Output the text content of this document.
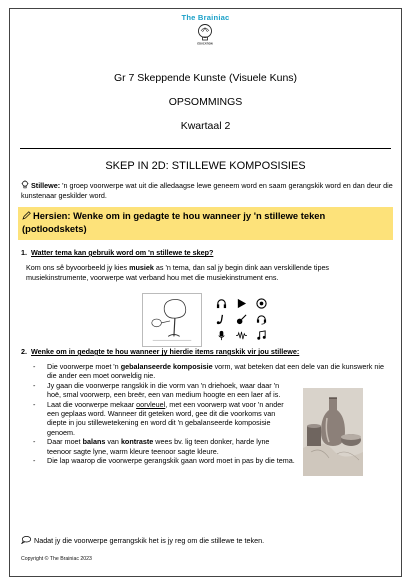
The Brainiac
EDUCATION
Gr 7 Skeppende Kunste (Visuele Kuns)
OPSOMMINGS
Kwartaal 2
SKEP IN 2D: STILLEWE KOMPOSISIES
Stillewe: 'n groep voorwerpe wat uit die alledaagse lewe geneem word en saam gerangskik word en dan deur die kunstenaar geskilder word.
Hersien: Wenke om in gedagte te hou wanneer jy 'n stillewe teken (potloodskets)
1. Watter tema kan gebruik word om 'n stillewe te skep?
Kom ons sê byvoorbeeld jy kies musiek as 'n tema, dan sal jy begin dink aan verskillende tipes musiekinstrumente, voorwerpe wat verband hou met die musiekinstrument ens.
2. Wenke om in gedagte te hou wanneer jy hierdie items rangskik vir jou stillewe:
- Die voorwerpe moet 'n gebalanseerde komposisie vorm, wat beteken dat een dele van die kunswerk nie die ander een moet oorweldig nie.
- Jy gaan die voorwerpe rangskik in die vorm van 'n driehoek, waar daar 'n hoë, smal voorwerp, een breër, een van medium hoogte en een laer af is.
- Laat die voorwerpe mekaar oorvleuel, met een voorwerp wat voor 'n ander een geplaas word. Wanneer dit geteken word, gee dit die voorkoms van diepte in jou stillewetekening en word dit 'n gebalanseerde komposisie genoem.
- Daar moet balans van kontraste wees bv. lig teen donker, harde lyne teenoor sagte lyne, warm kleure teenoor sagte kleure.
- Die lap waarop die voorwerpe gerangskik gaan word moet in pas by die tema.
Nadat jy die voorwerpe gerrangskik het is jy reg om die stillewe te teken.
Copyright © The Brainiac 2023
